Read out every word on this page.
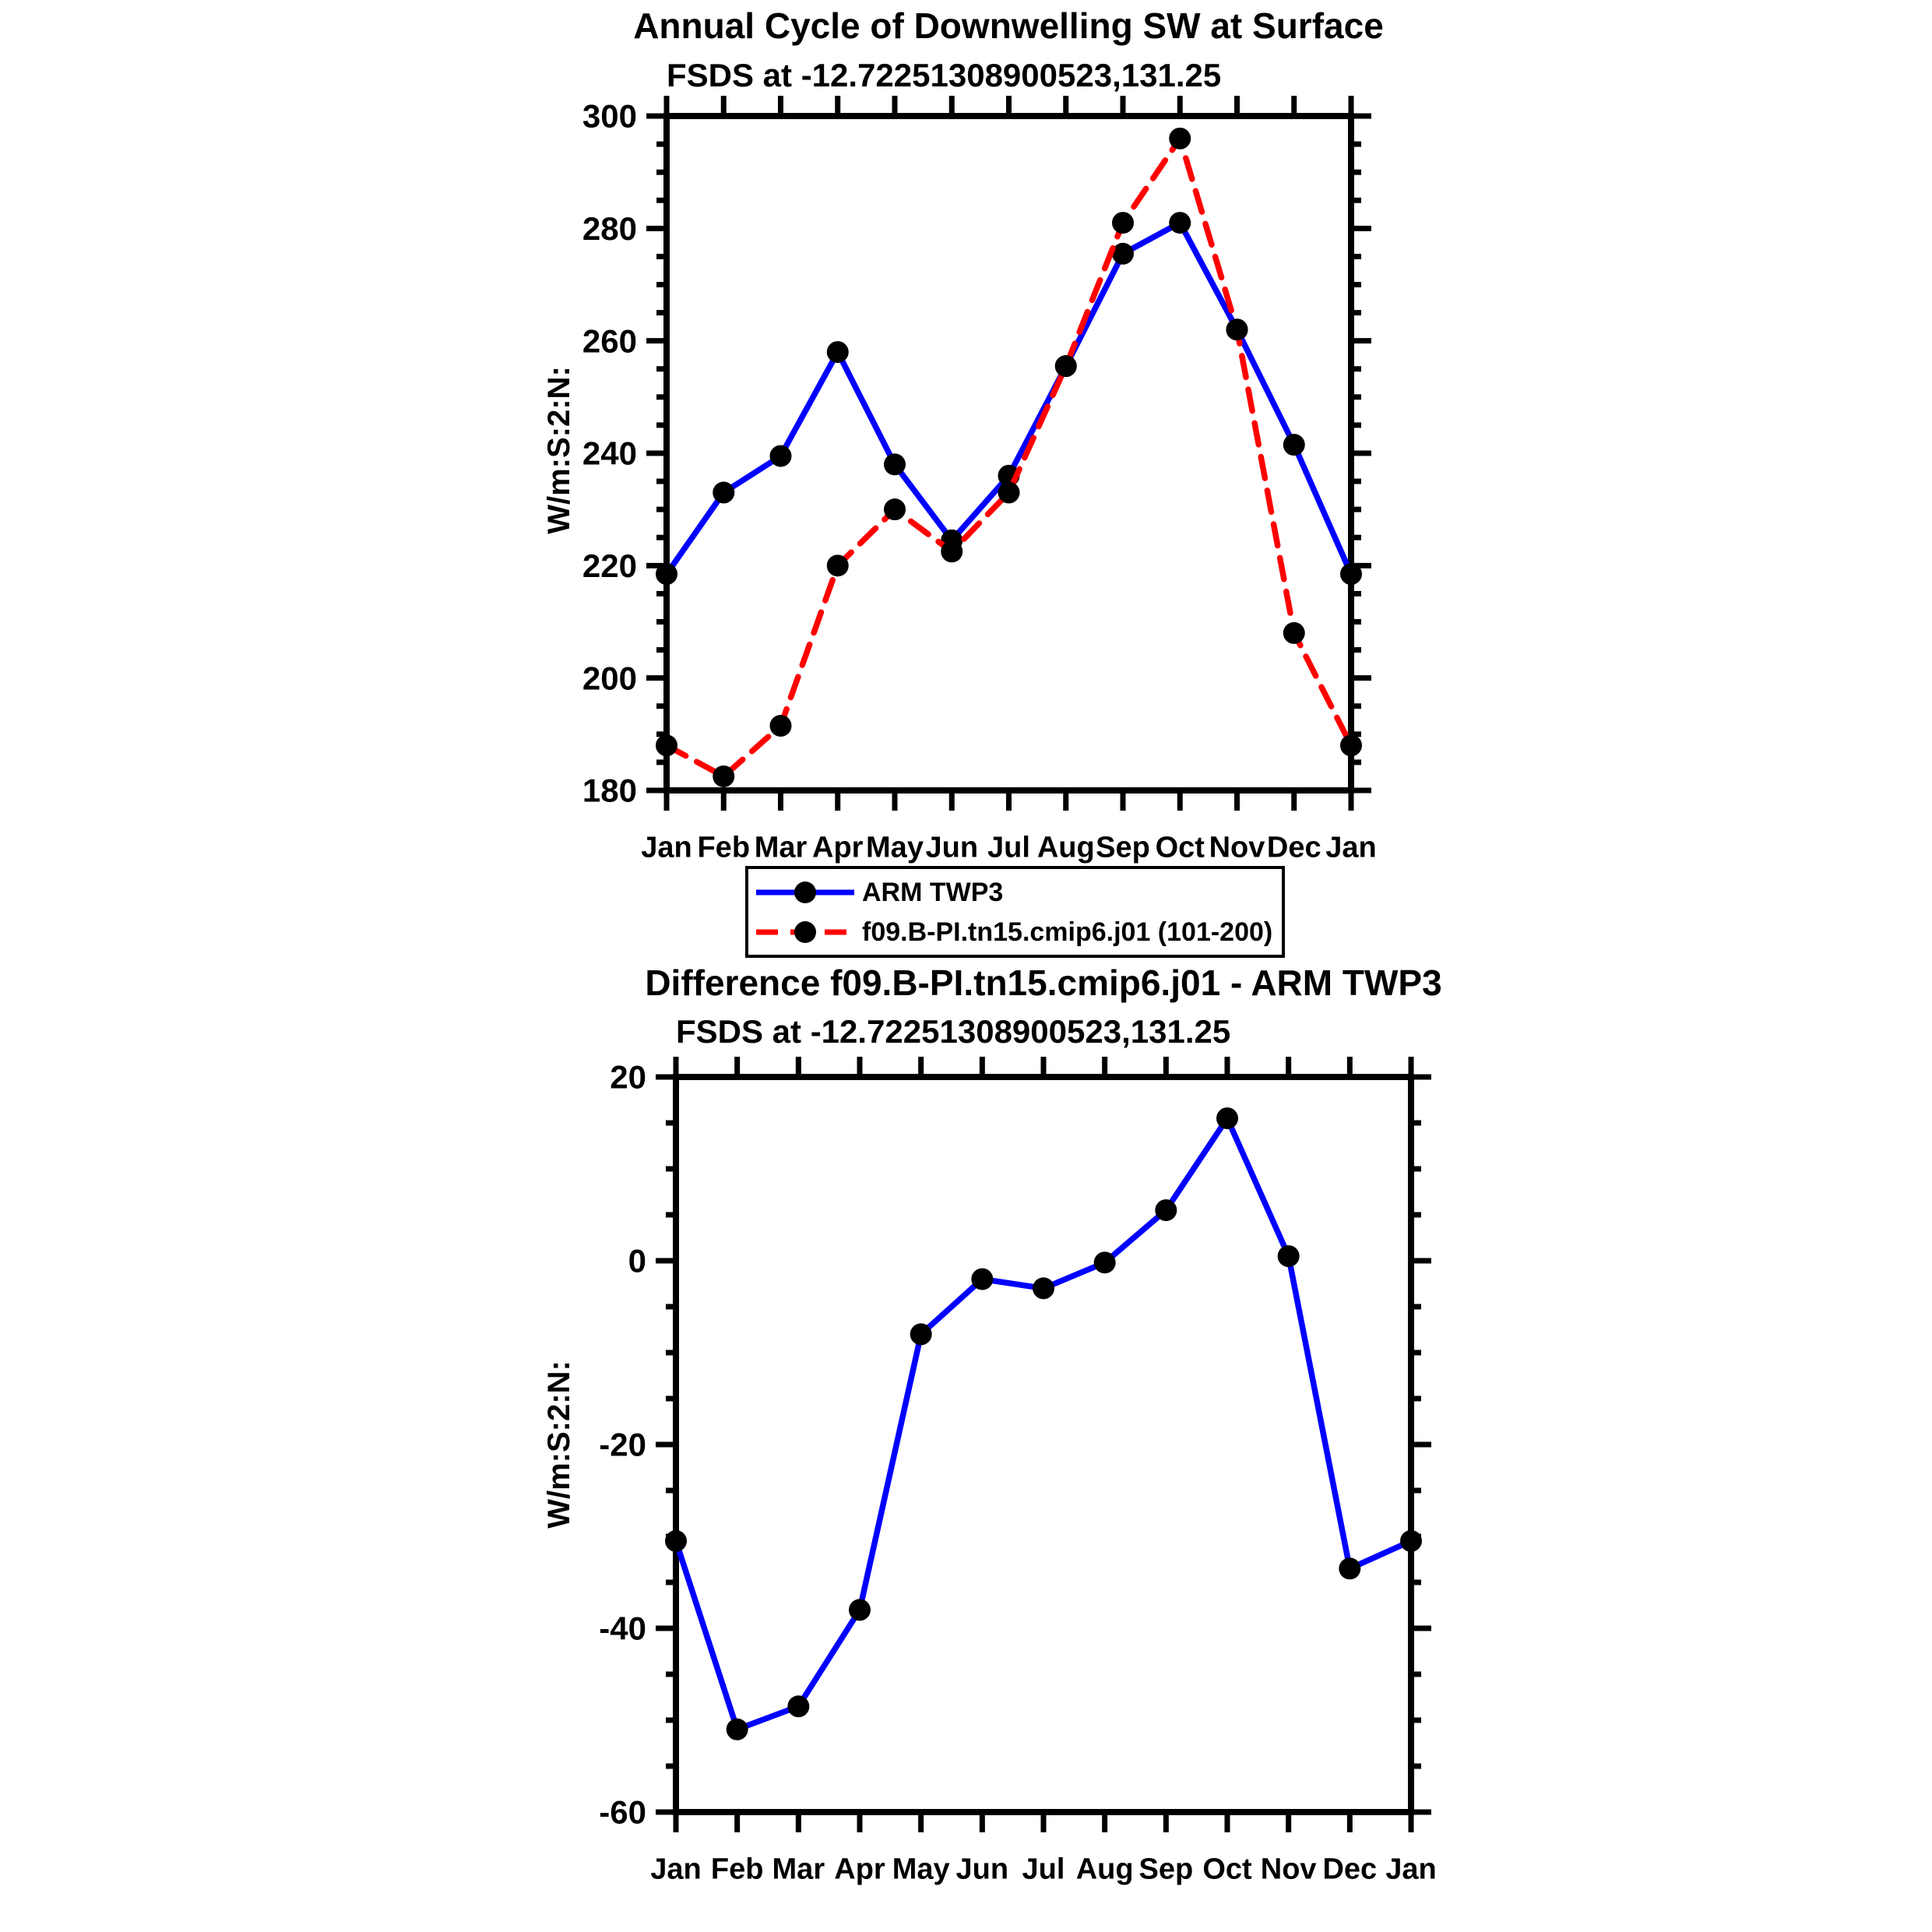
Annual Cycle of Downwelling SW at Surface
FSDS at -12.72251308900523,131.25
W/m:S:2:N:
180
200
220
240
260
280
300
Jan Feb Mar Apr May Jun Jul Aug Sep Oct Nov Dec Jan
-60
-40
-20
0
20
Jan Feb Mar Apr May Jun Jul Aug Sep Oct Nov Dec Jan
ARM TWP3
f09.B-PI.tn15.cmip6.j01 (101-200)
Difference f09.B-PI.tn15.cmip6.j01 - ARM TWP3
FSDS at -12.72251308900523,131.25
W/m:S:2:N:
